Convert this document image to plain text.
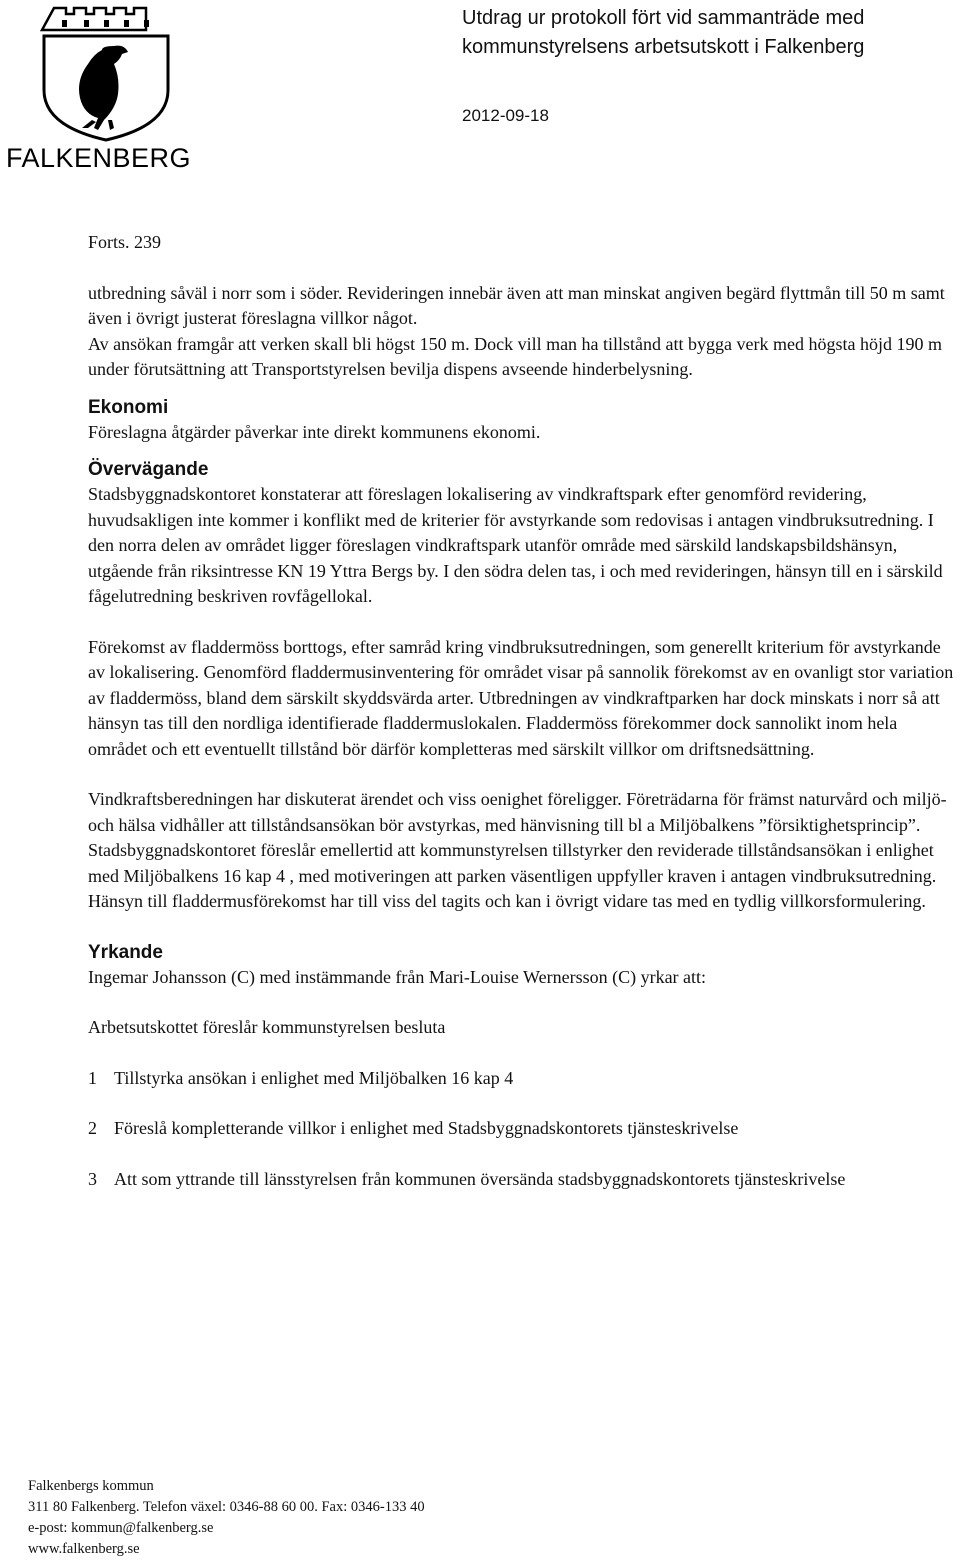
FALKENBERG
Utdrag ur protokoll fört vid sammanträde med
kommunstyrelsens arbetsutskott i Falkenberg
2012-09-18

Forts. 239

utbredning såväl i norr som i söder. Revideringen innebär även att man minskat angiven begärd flyttmån till 50 m samt även i övrigt justerat föreslagna villkor något.

Av ansökan framgår att verken skall bli högst 150 m. Dock vill man ha tillstånd att bygga verk med högsta höjd 190 m under förutsättning att Transportstyrelsen bevilja dispens avseende hinderbelysning.

Ekonomi

Föreslagna åtgärder påverkar inte direkt kommunens ekonomi.

Övervägande

Stadsbyggnadskontoret konstaterar att föreslagen lokalisering av vindkraftspark efter genomförd revidering, huvudsakligen inte kommer i konflikt med de kriterier för avstyrkande som redovisas i antagen vindbruksutredning. I den norra delen av området ligger föreslagen vindkraftspark utanför område med särskild landskapsbildshänsyn, utgående från riksintresse KN 19 Yttra Bergs by. I den södra delen tas, i och med revideringen, hänsyn till en i särskild fågelutredning beskriven rovfågellokal.

Förekomst av fladdermöss borttogs, efter samråd kring vindbruksutredningen, som generellt kriterium för avstyrkande av lokalisering. Genomförd fladdermusinventering för området visar på sannolik förekomst av en ovanligt stor variation av fladdermöss, bland dem särskilt skyddsvärda arter. Utbredningen av vindkraftparken har dock minskats i norr så att hänsyn tas till den nordliga identifierade fladdermuslokalen. Fladdermöss förekommer dock sannolikt inom hela området och ett eventuellt tillstånd bör därför kompletteras med särskilt villkor om driftsnedsättning.

Vindkraftsberedningen har diskuterat ärendet och viss oenighet föreligger. Företrädarna för främst naturvård och miljö- och hälsa vidhåller att tillståndsansökan bör avstyrkas, med hänvisning till bl a Miljöbalkens ”försiktighetsprincip”. Stadsbyggnadskontoret föreslår emellertid att kommunstyrelsen tillstyrker den reviderade tillståndsansökan i enlighet med Miljöbalkens 16 kap 4 , med motiveringen att parken väsentligen uppfyller kraven i antagen vindbruksutredning. Hänsyn till fladdermusförekomst har till viss del tagits och kan i övrigt vidare tas med en tydlig villkorsformulering.

Yrkande

Ingemar Johansson (C) med instämmande från Mari-Louise Wernersson (C) yrkar att:

Arbetsutskottet föreslår kommunstyrelsen besluta

1 Tillstyrka ansökan i enlighet med Miljöbalken 16 kap 4
2 Föreslå kompletterande villkor i enlighet med Stadsbyggnadskontorets tjänsteskrivelse
3 Att som yttrande till länsstyrelsen från kommunen översända stadsbyggnadskontorets tjänsteskrivelse
Falkenbergs kommun
311 80 Falkenberg. Telefon växel: 0346-88 60 00. Fax: 0346-133 40
e-post: kommun@falkenberg.se
www.falkenberg.se
